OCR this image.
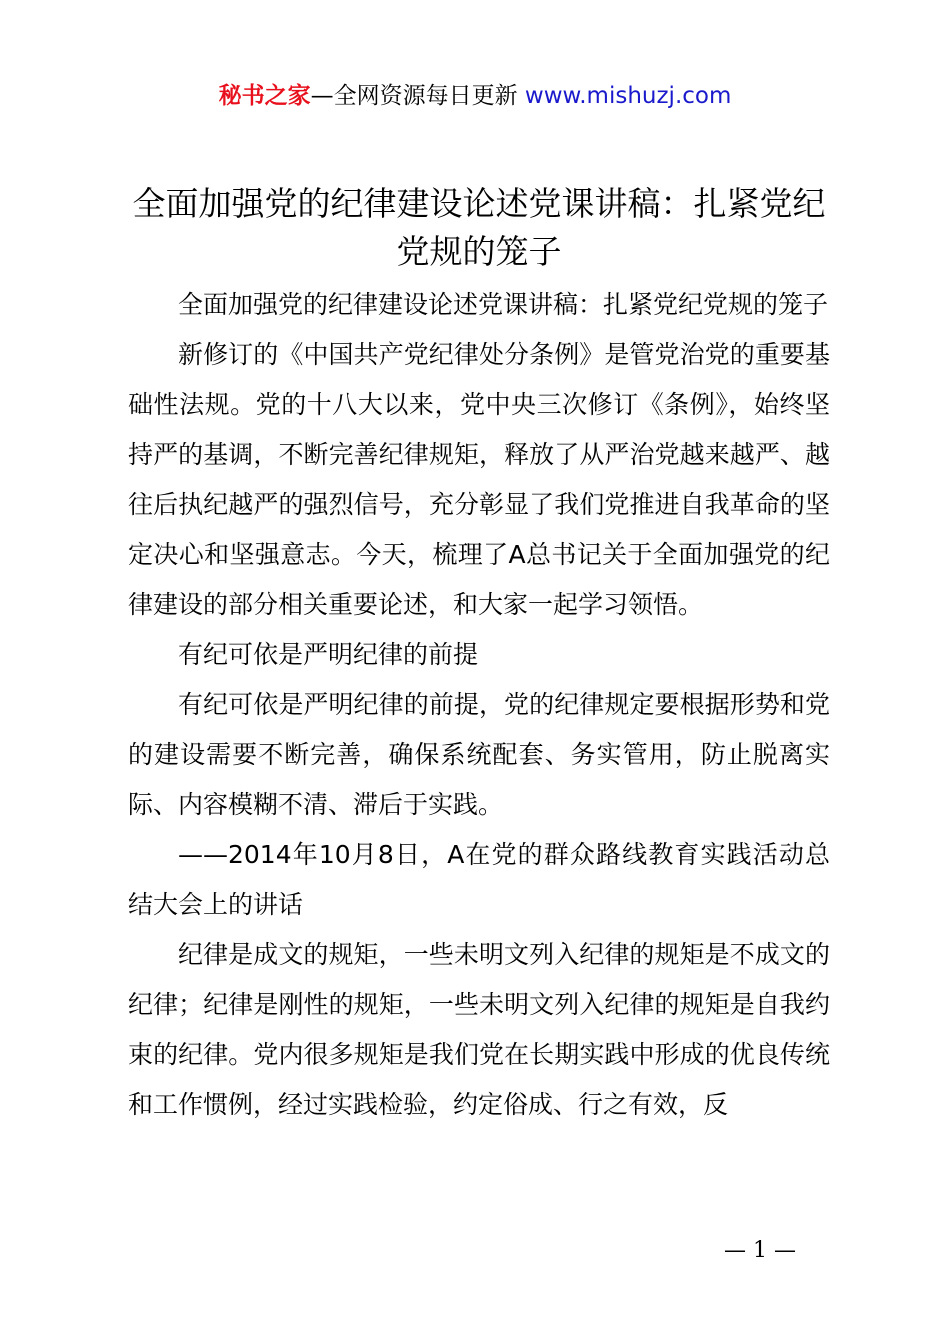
秘书之家—全网资源每日更新 www.mishuzj.com
全面加强党的纪律建设论述党课讲稿：扎紧党纪党规的笼子

全面加强党的纪律建设论述党课讲稿：扎紧党纪党规的笼子

新修订的《中国共产党纪律处分条例》是管党治党的重要基础性法规。党的十八大以来，党中央三次修订《条例》，始终坚持严的基调，不断完善纪律规矩，释放了从严治党越来越严、越往后执纪越严的强烈信号，充分彰显了我们党推进自我革命的坚定决心和坚强意志。今天，梳理了A总书记关于全面加强党的纪律建设的部分相关重要论述，和大家一起学习领悟。

有纪可依是严明纪律的前提

有纪可依是严明纪律的前提，党的纪律规定要根据形势和党的建设需要不断完善，确保系统配套、务实管用，防止脱离实际、内容模糊不清、滞后于实践。

——2014年10月8日，A在党的群众路线教育实践活动总结大会上的讲话

纪律是成文的规矩，一些未明文列入纪律的规矩是不成文的纪律；纪律是刚性的规矩，一些未明文列入纪律的规矩是自我约束的纪律。党内很多规矩是我们党在长期实践中形成的优良传统和工作惯例，经过实践检验，约定俗成、行之有效，反

— 1 —
